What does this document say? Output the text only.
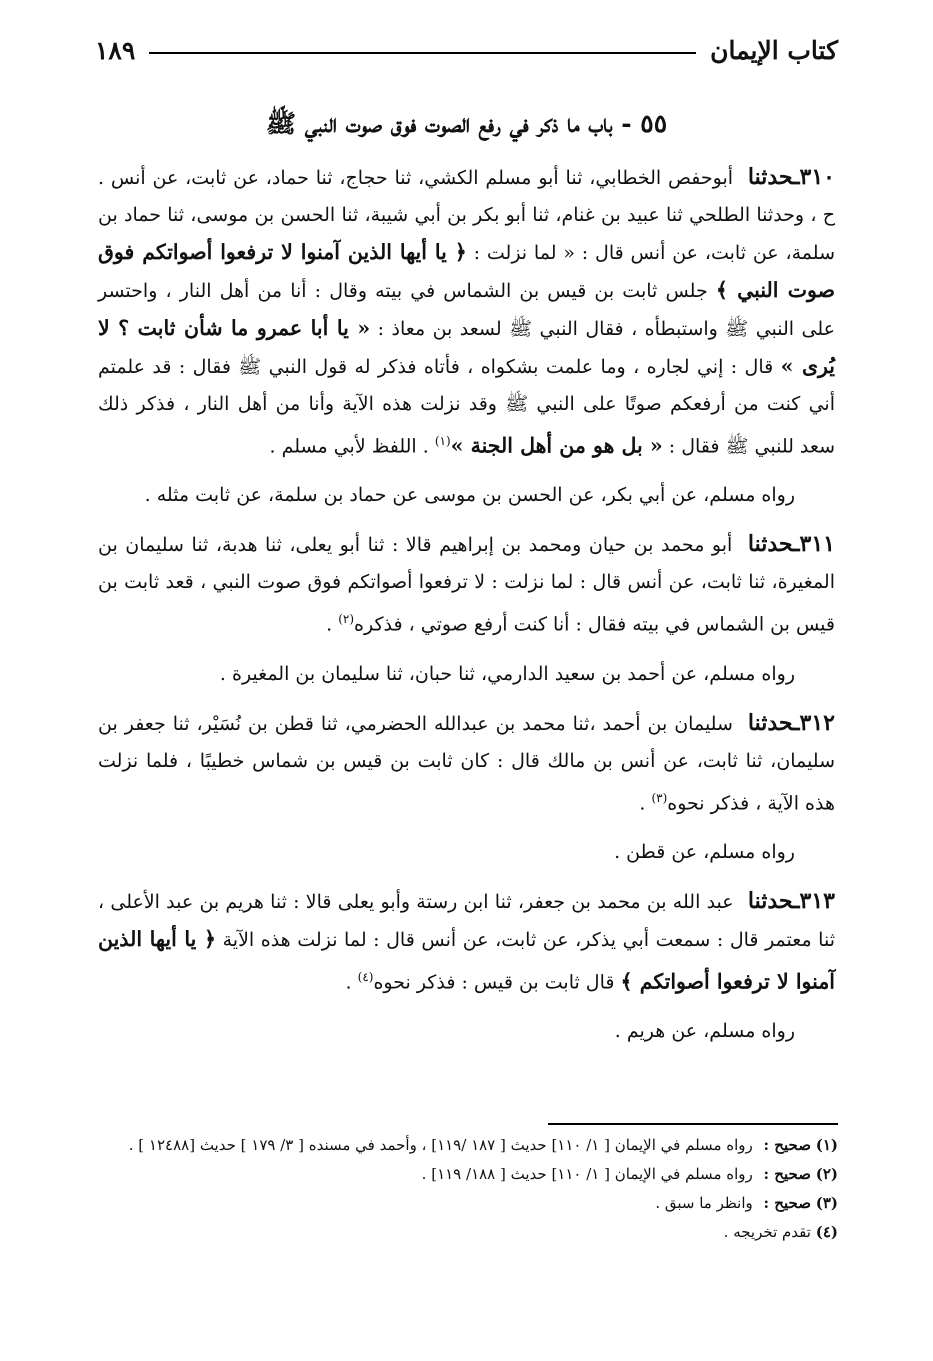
كتاب الإيمان
١٨٩
٥٥ - باب ما ذكر في رفع الصوت فوق صوت النبي ﷺ

٣١٠ـحدثنا أبوحفص الخطابي، ثنا أبو مسلم الكشي، ثنا حجاج، ثنا حماد، عن ثابت، عن أنس . ح ، وحدثنا الطلحي ثنا عبيد بن غنام، ثنا أبو بكر بن أبي شيبة، ثنا الحسن بن موسى، ثنا حماد بن سلمة، عن ثابت، عن أنس قال : « لما نزلت : ﴿ يا أيها الذين آمنوا لا ترفعوا أصواتكم فوق صوت النبي ﴾ جلس ثابت بن قيس بن الشماس في بيته وقال : أنا من أهل النار ، واحتسر على النبي ﷺ واستبطأه ، فقال النبي ﷺ لسعد بن معاذ : « يا أبا عمرو ما شأن ثابت ؟ لا يُرى » قال : إني لجاره ، وما علمت بشكواه ، فأتاه فذكر له قول النبي ﷺ فقال : قد علمتم أني كنت من أرفعكم صوتًا على النبي ﷺ وقد نزلت هذه الآية وأنا من أهل النار ، فذكر ذلك سعد للنبي ﷺ فقال : « بل هو من أهل الجنة »$^{(١)}$ . اللفظ لأبي مسلم .

رواه مسلم، عن أبي بكر، عن الحسن بن موسى عن حماد بن سلمة، عن ثابت مثله .

٣١١ـحدثنا أبو محمد بن حيان ومحمد بن إبراهيم قالا : ثنا أبو يعلى، ثنا هدبة، ثنا سليمان بن المغيرة، ثنا ثابت، عن أنس قال : لما نزلت : لا ترفعوا أصواتكم فوق صوت النبي ، قعد ثابت بن قيس بن الشماس في بيته فقال : أنا كنت أرفع صوتي ، فذكره$^{(٢)}$ .

رواه مسلم، عن أحمد بن سعيد الدارمي، ثنا حبان، ثنا سليمان بن المغيرة .

٣١٢ـحدثنا سليمان بن أحمد ،ثنا محمد بن عبدالله الحضرمي، ثنا قطن بن نُسَيْر، ثنا جعفر بن سليمان، ثنا ثابت، عن أنس بن مالك قال : كان ثابت بن قيس بن شماس خطيبًا ، فلما نزلت هذه الآية ، فذكر نحوه$^{(٣)}$ .

رواه مسلم، عن قطن .

٣١٣ـحدثنا عبد الله بن محمد بن جعفر، ثنا ابن رستة وأبو يعلى قالا : ثنا هريم بن عبد الأعلى ، ثنا معتمر قال : سمعت أبي يذكر، عن ثابت، عن أنس قال : لما نزلت هذه الآية ﴿ يا أيها الذين آمنوا لا ترفعوا أصواتكم ﴾ قال ثابت بن قيس : فذكر نحوه$^{(٤)}$ .

رواه مسلم، عن هريم .

(١) صحيح : رواه مسلم في الإيمان [ ١/ ١١٠] حديث [ ١٨٧ /١١٩] ، وأحمد في مسنده [ ٣/ ١٧٩ ] حديث [١٢٤٨٨ ] .

(٢) صحيح : رواه مسلم في الإيمان [ ١/ ١١٠] حديث [ ١٨٨/ ١١٩] .

(٣) صحيح : وانظر ما سبق .

(٤) تقدم تخريجه .
